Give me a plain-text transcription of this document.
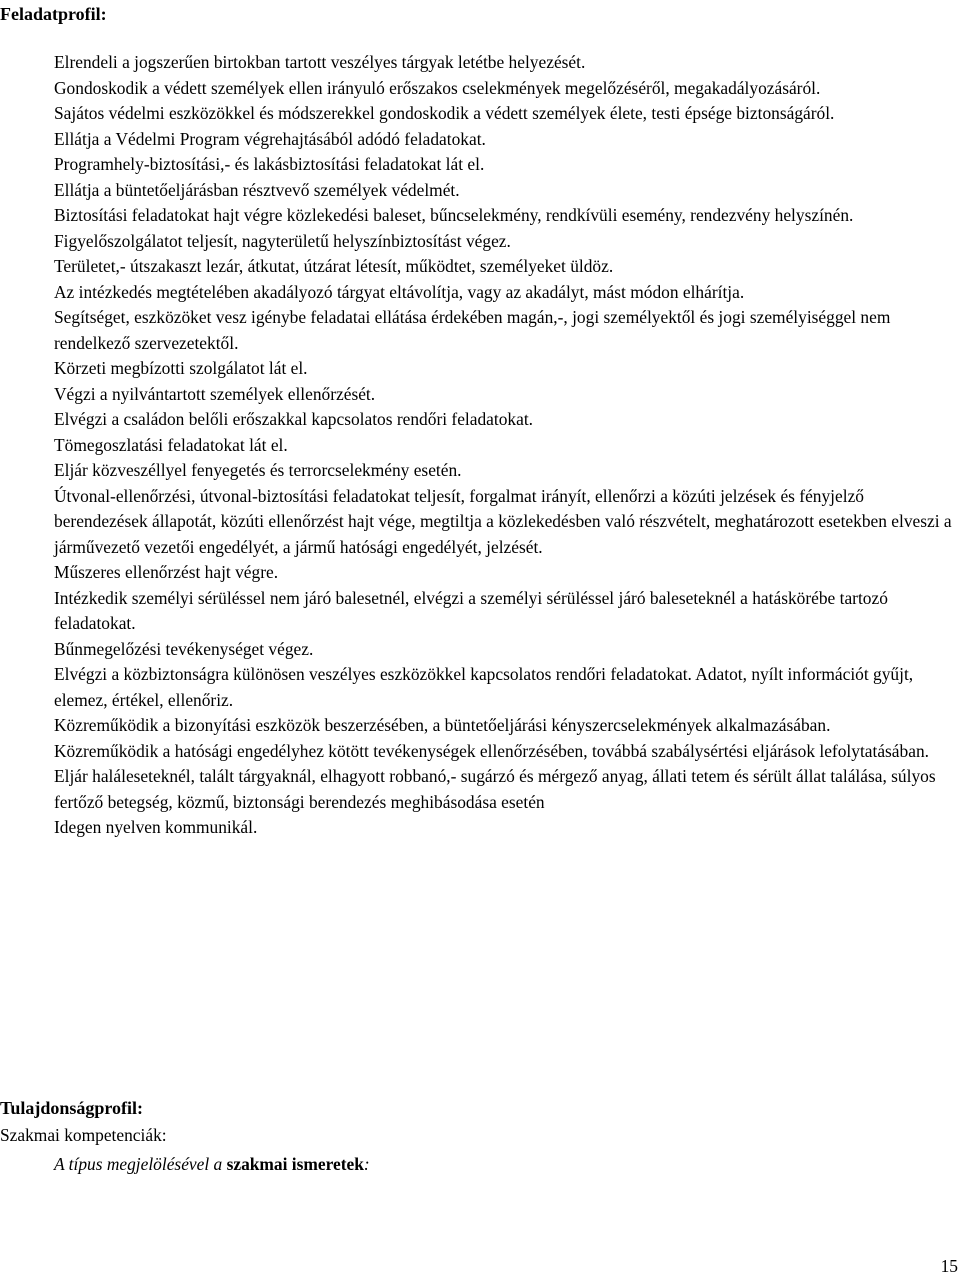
Feladatprofil:
Elrendeli a jogszerűen birtokban tartott veszélyes tárgyak letétbe helyezését.
Gondoskodik a védett személyek ellen irányuló erőszakos cselekmények megelőzéséről, megakadályozásáról.
Sajátos védelmi eszközökkel és módszerekkel gondoskodik a védett személyek élete, testi épsége biztonságáról.
Ellátja a Védelmi Program végrehajtásából adódó feladatokat.
Programhely-biztosítási,- és lakásbiztosítási feladatokat lát el.
Ellátja a büntetőeljárásban résztvevő személyek védelmét.
Biztosítási feladatokat hajt végre közlekedési baleset, bűncselekmény, rendkívüli esemény, rendezvény helyszínén.
Figyelőszolgálatot teljesít, nagyterületű helyszínbiztosítást végez.
Területet,- útszakaszt lezár, átkutat, útzárat létesít, működtet, személyeket üldöz.
Az intézkedés megtételében akadályozó tárgyat eltávolítja, vagy az akadályt, mást módon elhárítja.
Segítséget, eszközöket vesz igénybe feladatai ellátása érdekében magán,-, jogi személyektől és jogi személyiséggel nem rendelkező szervezetektől.
Körzeti megbízotti szolgálatot lát el.
Végzi a nyilvántartott személyek ellenőrzését.
Elvégzi a családon belőli erőszakkal kapcsolatos rendőri feladatokat.
Tömegoszlatási feladatokat lát el.
Eljár közveszéllyel fenyegetés és terrorcselekmény esetén.
Útvonal-ellenőrzési, útvonal-biztosítási feladatokat teljesít, forgalmat irányít, ellenőrzi a közúti jelzések és fényjelző berendezések állapotát, közúti ellenőrzést hajt vége, megtiltja a közlekedésben való részvételt, meghatározott esetekben elveszi a járművezető vezetői engedélyét, a jármű hatósági engedélyét, jelzését.
Műszeres ellenőrzést hajt végre.
Intézkedik személyi sérüléssel nem járó balesetnél, elvégzi a személyi sérüléssel járó baleseteknél a hatáskörébe tartozó feladatokat.
Bűnmegelőzési tevékenységet végez.
Elvégzi a közbiztonságra különösen veszélyes eszközökkel kapcsolatos rendőri feladatokat. Adatot, nyílt információt gyűjt, elemez, értékel, ellenőriz.
Közreműködik a bizonyítási eszközök beszerzésében, a büntetőeljárási kényszercselekmények alkalmazásában.
Közreműködik a hatósági engedélyhez kötött tevékenységek ellenőrzésében, továbbá szabálysértési eljárások lefolytatásában.
Eljár haláleseteknél, talált tárgyaknál, elhagyott robbanó,- sugárzó és mérgező anyag, állati tetem és sérült állat találása, súlyos fertőző betegség, közmű, biztonsági berendezés meghibásodása esetén
Idegen nyelven kommunikál.
Tulajdonságprofil:

Szakmai kompetenciák:

A típus megjelölésével a szakmai ismeretek:

15
